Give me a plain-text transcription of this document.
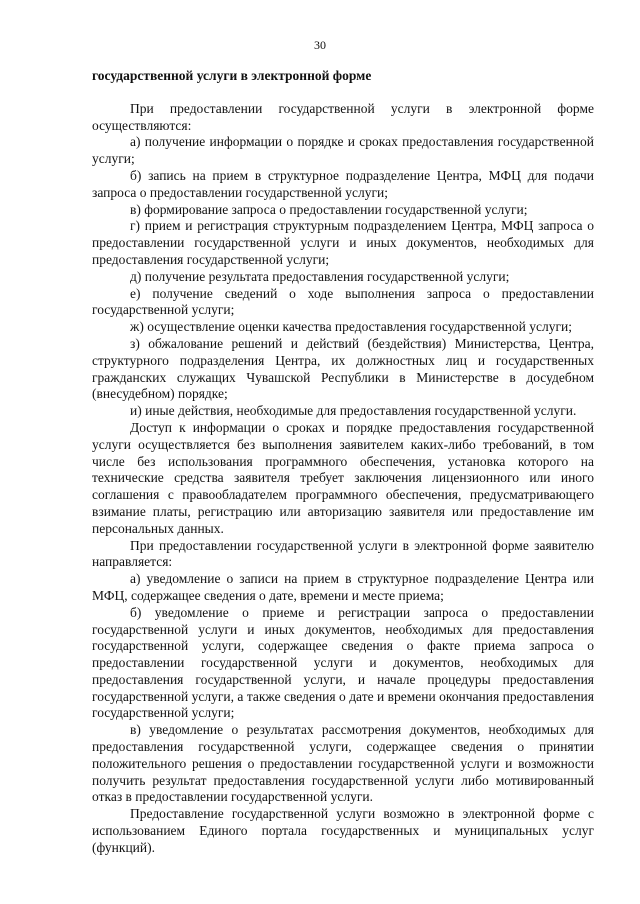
30

государственной услуги в электронной форме

При предоставлении государственной услуги в электронной форме осуществляются:

а) получение информации о порядке и сроках предоставления государственной услуги;

б) запись на прием в структурное подразделение Центра, МФЦ для подачи запроса о предоставлении государственной услуги;

в) формирование запроса о предоставлении государственной услуги;

г) прием и регистрация структурным подразделением Центра, МФЦ запроса о предоставлении государственной услуги и иных документов, необходимых для предоставления государственной услуги;

д) получение результата предоставления государственной услуги;

е) получение сведений о ходе выполнения запроса о предоставлении государственной услуги;

ж) осуществление оценки качества предоставления государственной услуги;

з) обжалование решений и действий (бездействия) Министерства, Центра, структурного подразделения Центра, их должностных лиц и государственных гражданских служащих Чувашской Республики в Министерстве в досудебном (внесудебном) порядке;

и) иные действия, необходимые для предоставления государственной услуги.

Доступ к информации о сроках и порядке предоставления государственной услуги осуществляется без выполнения заявителем каких-либо требований, в том числе без использования программного обеспечения, установка которого на технические средства заявителя требует заключения лицензионного или иного соглашения с правообладателем программного обеспечения, предусматривающего взимание платы, регистрацию или авторизацию заявителя или предоставление им персональных данных.

При предоставлении государственной услуги в электронной форме заявителю направляется:

а) уведомление о записи на прием в структурное подразделение Центра или МФЦ, содержащее сведения о дате, времени и месте приема;

б) уведомление о приеме и регистрации запроса о предоставлении государственной услуги и иных документов, необходимых для предоставления государственной услуги, содержащее сведения о факте приема запроса о предоставлении государственной услуги и документов, необходимых для предоставления государственной услуги, и начале процедуры предоставления государственной услуги, а также сведения о дате и времени окончания предоставления государственной услуги;

в) уведомление о результатах рассмотрения документов, необходимых для предоставления государственной услуги, содержащее сведения о принятии положительного решения о предоставлении государственной услуги и возможности получить результат предоставления государственной услуги либо мотивированный отказ в предоставлении государственной услуги.

Предоставление государственной услуги возможно в электронной форме с использованием Единого портала государственных и муниципальных услуг (функций).
